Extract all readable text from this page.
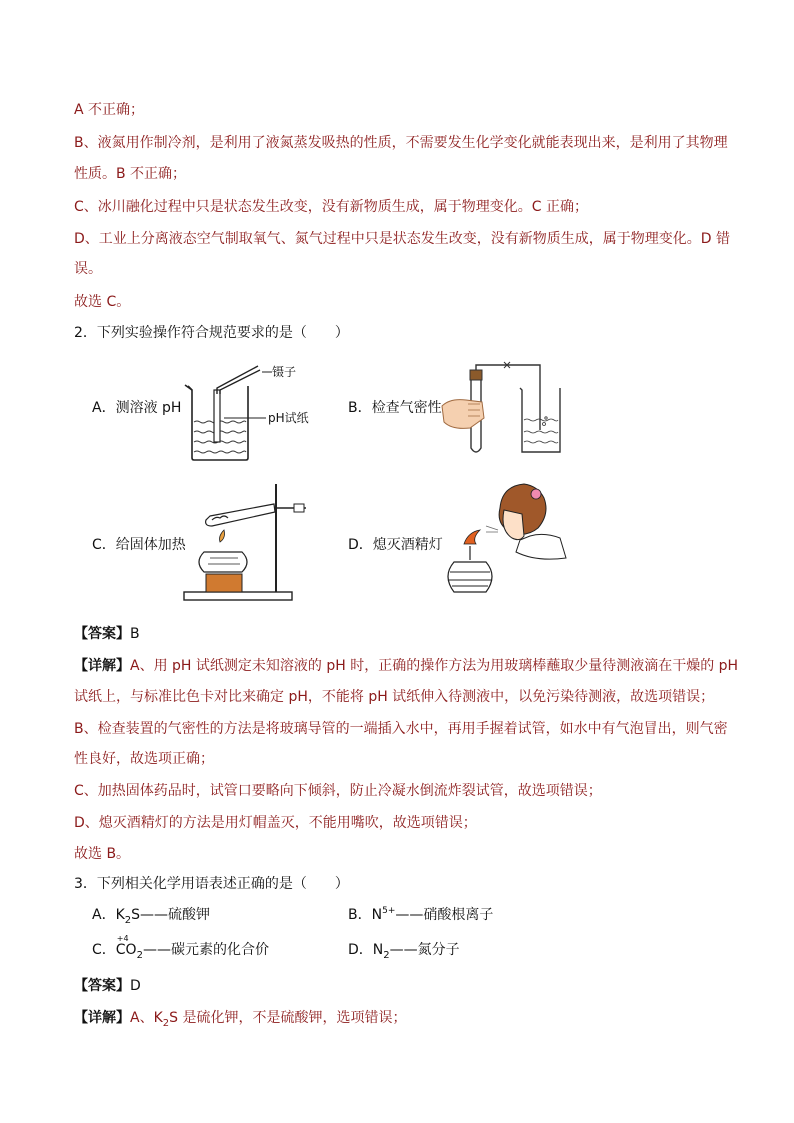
A 不正确；
B、液氮用作制冷剂，是利用了液氮蒸发吸热的性质，不需要发生化学变化就能表现出来，是利用了其物理
性质。B 不正确；
C、冰川融化过程中只是状态发生改变，没有新物质生成，属于物理变化。C 正确；
D、工业上分离液态空气制取氧气、氮气过程中只是状态发生改变，没有新物质生成，属于物理变化。D 错
误。
故选 C。
2．下列实验操作符合规范要求的是（　　）
A．测溶液 pH	B．检查气密性
C．给固体加热	D．熄灭酒精灯
镊子
pH试纸
【答案】B
【详解】A、用 pH 试纸测定未知溶液的 pH 时，正确的操作方法为用玻璃棒蘸取少量待测液滴在干燥的 pH
试纸上，与标准比色卡对比来确定 pH，不能将 pH 试纸伸入待测液中，以免污染待测液，故选项错误；
B、检查装置的气密性的方法是将玻璃导管的一端插入水中，再用手握着试管，如水中有气泡冒出，则气密
性良好，故选项正确；
C、加热固体药品时，试管口要略向下倾斜，防止冷凝水倒流炸裂试管，故选项错误；
D、熄灭酒精灯的方法是用灯帽盖灭，不能用嘴吹，故选项错误；
故选 B。
3．下列相关化学用语表述正确的是（　　）
A．$K_2S——$硫酸钾	B．$N^{5+}——$硝酸根离子
C．
+4
$CO_2——$碳元素的化合价	D．$N_2——$氮分子
【答案】D
【详解】A、$K_2S$ 是硫化钾，不是硫酸钾，选项错误；
